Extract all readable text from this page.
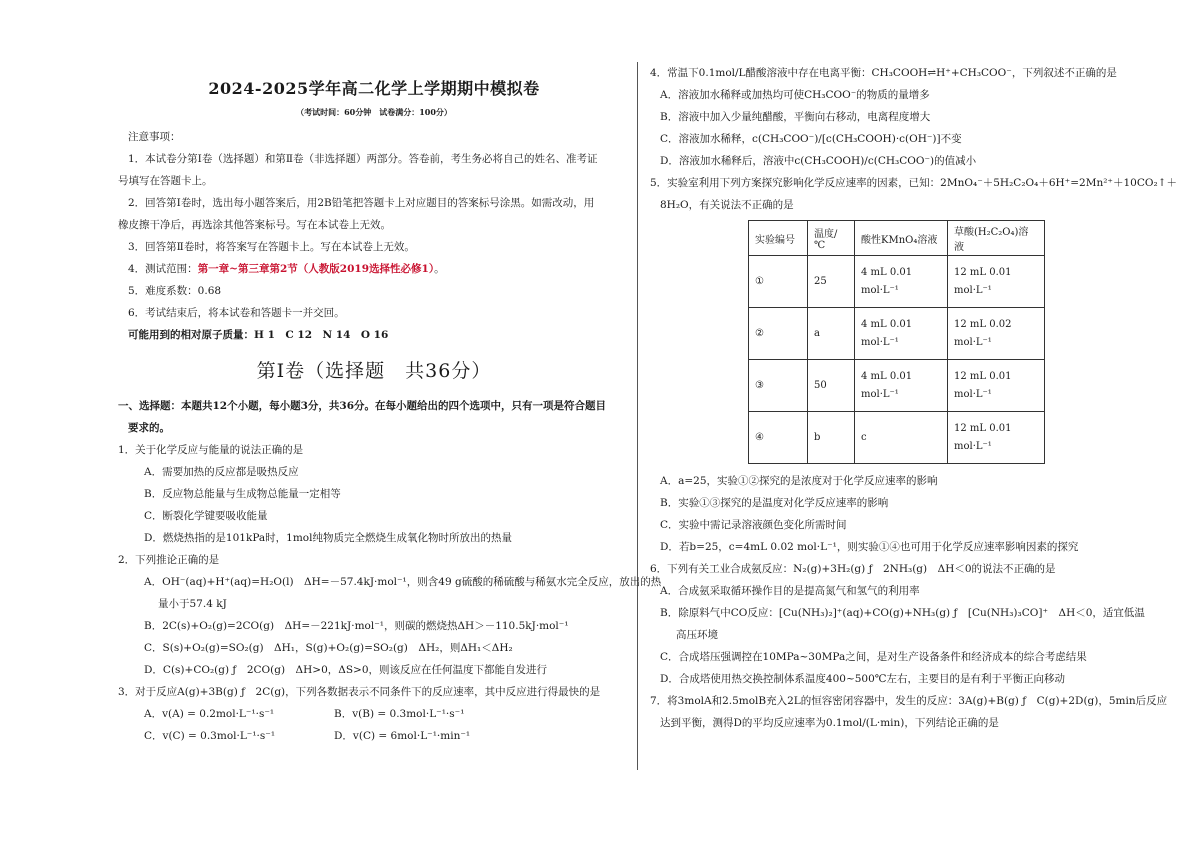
2024-2025学年高二化学上学期期中模拟卷
（考试时间：60分钟　试卷满分：100分）
注意事项：
1．本试卷分第Ⅰ卷（选择题）和第Ⅱ卷（非选择题）两部分。答卷前，考生务必将自己的姓名、准考证
号填写在答题卡上。
2．回答第Ⅰ卷时，选出每小题答案后，用2B铅笔把答题卡上对应题目的答案标号涂黑。如需改动，用
橡皮擦干净后，再选涂其他答案标号。写在本试卷上无效。
3．回答第Ⅱ卷时，将答案写在答题卡上。写在本试卷上无效。
4．测试范围：第一章~第三章第2节（人教版2019选择性必修1）。
5．难度系数：0.68
6．考试结束后，将本试卷和答题卡一并交回。
可能用到的相对原子质量：H 1　C 12　N 14　O 16
第Ⅰ卷（选择题　共36分）
一、选择题：本题共12个小题，每小题3分，共36分。在每小题给出的四个选项中，只有一项是符合题目
要求的。
1．关于化学反应与能量的说法正确的是
A．需要加热的反应都是吸热反应
B．反应物总能量与生成物总能量一定相等
C．断裂化学键要吸收能量
D．燃烧热指的是101kPa时，1mol纯物质完全燃烧生成氧化物时所放出的热量
2．下列推论正确的是
A．OH⁻(aq)+H⁺(aq)=H₂O(l)　ΔH=－57.4kJ·mol⁻¹，则含49 g硫酸的稀硫酸与稀氨水完全反应，放出的热
量小于57.4 kJ
B．2C(s)+O₂(g)=2CO(g)　ΔH=－221kJ·mol⁻¹，则碳的燃烧热ΔH＞－110.5kJ·mol⁻¹
C．S(s)+O₂(g)=SO₂(g)　ΔH₁，S(g)+O₂(g)=SO₂(g)　ΔH₂，则ΔH₁＜ΔH₂
D．C(s)+CO₂(g) ƒ　2CO(g)　ΔH>0，ΔS>0，则该反应在任何温度下都能自发进行
3．对于反应A(g)+3B(g) ƒ　2C(g)，下列各数据表示不同条件下的反应速率，其中反应进行得最快的是
A．v(A) = 0.2mol·L⁻¹·s⁻¹	B．v(B) = 0.3mol·L⁻¹·s⁻¹
C．v(C) = 0.3mol·L⁻¹·s⁻¹	D．v(C) = 6mol·L⁻¹·min⁻¹
4．常温下0.1mol/L醋酸溶液中存在电离平衡：CH₃COOH⇌H⁺+CH₃COO⁻，下列叙述不正确的是
A．溶液加水稀释或加热均可使CH₃COO⁻的物质的量增多
B．溶液中加入少量纯醋酸，平衡向右移动，电离程度增大
C．溶液加水稀释，c(CH₃COO⁻)/[c(CH₃COOH)·c(OH⁻)]不变
D．溶液加水稀释后，溶液中c(CH₃COOH)/c(CH₃COO⁻)的值减小
5．实验室利用下列方案探究影响化学反应速率的因素，已知：2MnO₄⁻＋5H₂C₂O₄＋6H⁺=2Mn²⁺＋10CO₂↑＋
8H₂O，有关说法不正确的是
实验编号	温度/℃	酸性KMnO₄溶液	草酸(H₂C₂O₄)溶液
①	25	4 mL 0.01 mol·L⁻¹	12 mL 0.01 mol·L⁻¹
②	a	4 mL 0.01 mol·L⁻¹	12 mL 0.02 mol·L⁻¹
③	50	4 mL 0.01 mol·L⁻¹	12 mL 0.01 mol·L⁻¹
④	b	c	12 mL 0.01 mol·L⁻¹
A．a=25，实验①②探究的是浓度对于化学反应速率的影响
B．实验①③探究的是温度对化学反应速率的影响
C．实验中需记录溶液颜色变化所需时间
D．若b=25，c=4mL 0.02 mol·L⁻¹，则实验①④也可用于化学反应速率影响因素的探究
6．下列有关工业合成氨反应：N₂(g)+3H₂(g) ƒ　2NH₃(g)　ΔH＜0的说法不正确的是
A．合成氨采取循环操作目的是提高氮气和氢气的利用率
B．除原料气中CO反应：[Cu(NH₃)₂]⁺(aq)+CO(g)+NH₃(g) ƒ　[Cu(NH₃)₃CO]⁺　ΔH＜0，适宜低温
高压环境
C．合成塔压强调控在10MPa~30MPa之间，是对生产设备条件和经济成本的综合考虑结果
D．合成塔使用热交换控制体系温度400~500℃左右，主要目的是有利于平衡正向移动
7．将3molA和2.5molB充入2L的恒容密闭容器中，发生的反应：3A(g)+B(g) ƒ　C(g)+2D(g)，5min后反应
达到平衡，测得D的平均反应速率为0.1mol/(L·min)，下列结论正确的是
